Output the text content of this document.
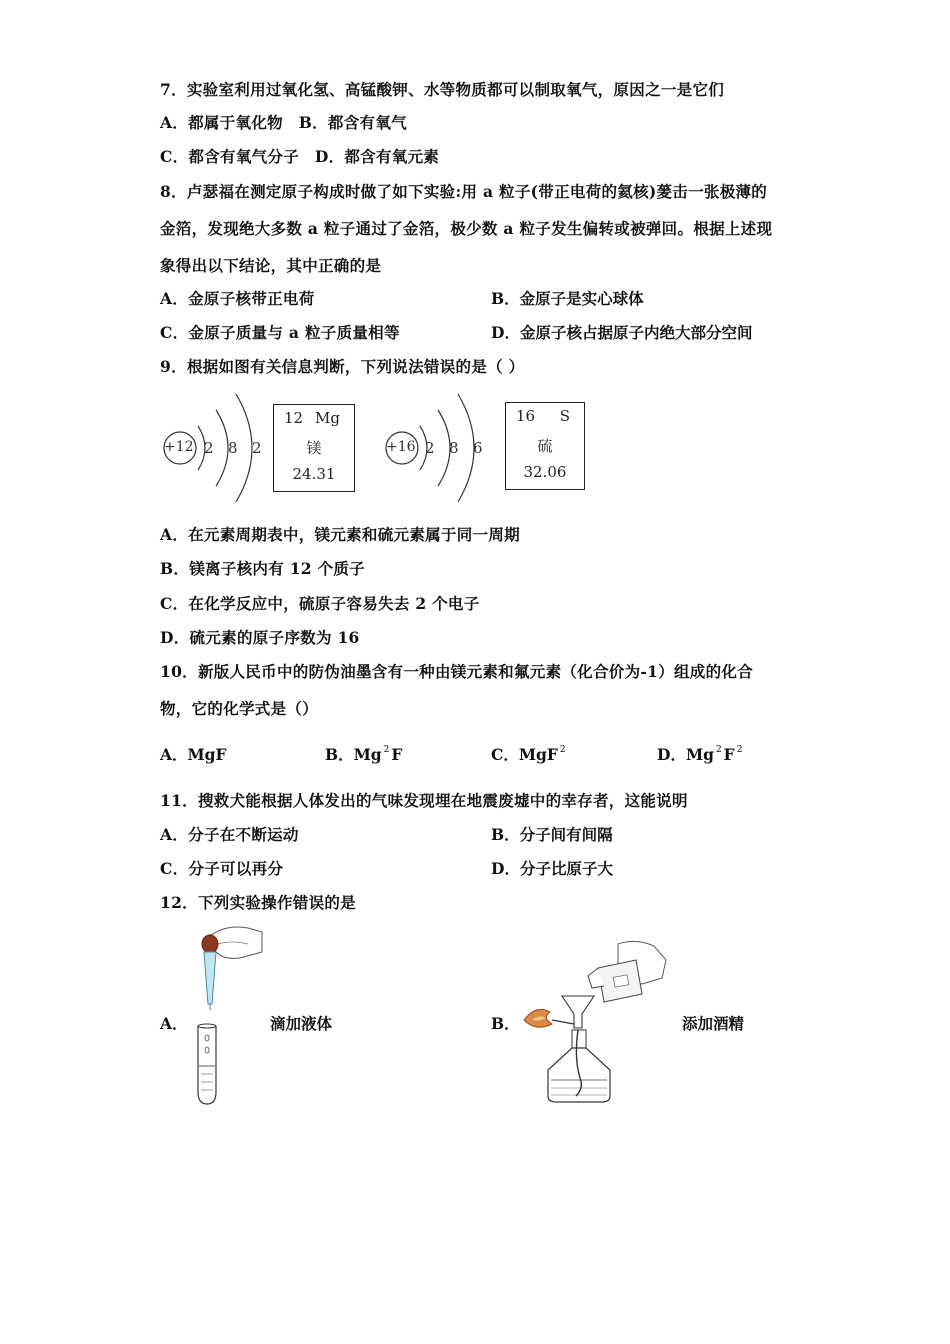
7．实验室利用过氧化氢、高锰酸钾、水等物质都可以制取氧气，原因之一是它们
A．都属于氧化物　B．都含有氧气
C．都含有氧气分子　D．都含有氧元素
8．卢瑟福在测定原子构成时做了如下实验:用 a 粒子(带正电荷的氦核)蓌击一张极薄的
金箔，发现绝大多数 a 粒子通过了金箔，极少数 a 粒子发生偏转或被弹回。根据上述现
象得出以下结论，其中正确的是
A．金原子核带正电荷	B．金原子是实心球体
C．金原子质量与 a 粒子质量相等	D．金原子核占据原子内绝大部分空间
9．根据如图有关信息判断，下列说法错误的是（ ）
+12 2 8 2
12 Mg
镁
24.31
+16 2 8 6
16 S
硫
32.06
A．在元素周期表中，镁元素和硫元素属于同一周期
B．镁离子核内有 12 个质子
C．在化学反应中，硫原子容易失去 2 个电子
D．硫元素的原子序数为 16
10．新版人民币中的防伪油墨含有一种由镁元素和氟元素（化合价为-1）组成的化合
物，它的化学式是（）
A．MgF	B．Mg $^2$ F	C．MgF $^2$	D．Mg $^2$ F $^2$
11．搜救犬能根据人体发出的气味发现埋在地震废墟中的幸存者，这能说明
A．分子在不断运动	B．分子间有间隔
C．分子可以再分	D．分子比原子大
12．下列实验操作错误的是
A．	滴加液体	B．	添加酒精
